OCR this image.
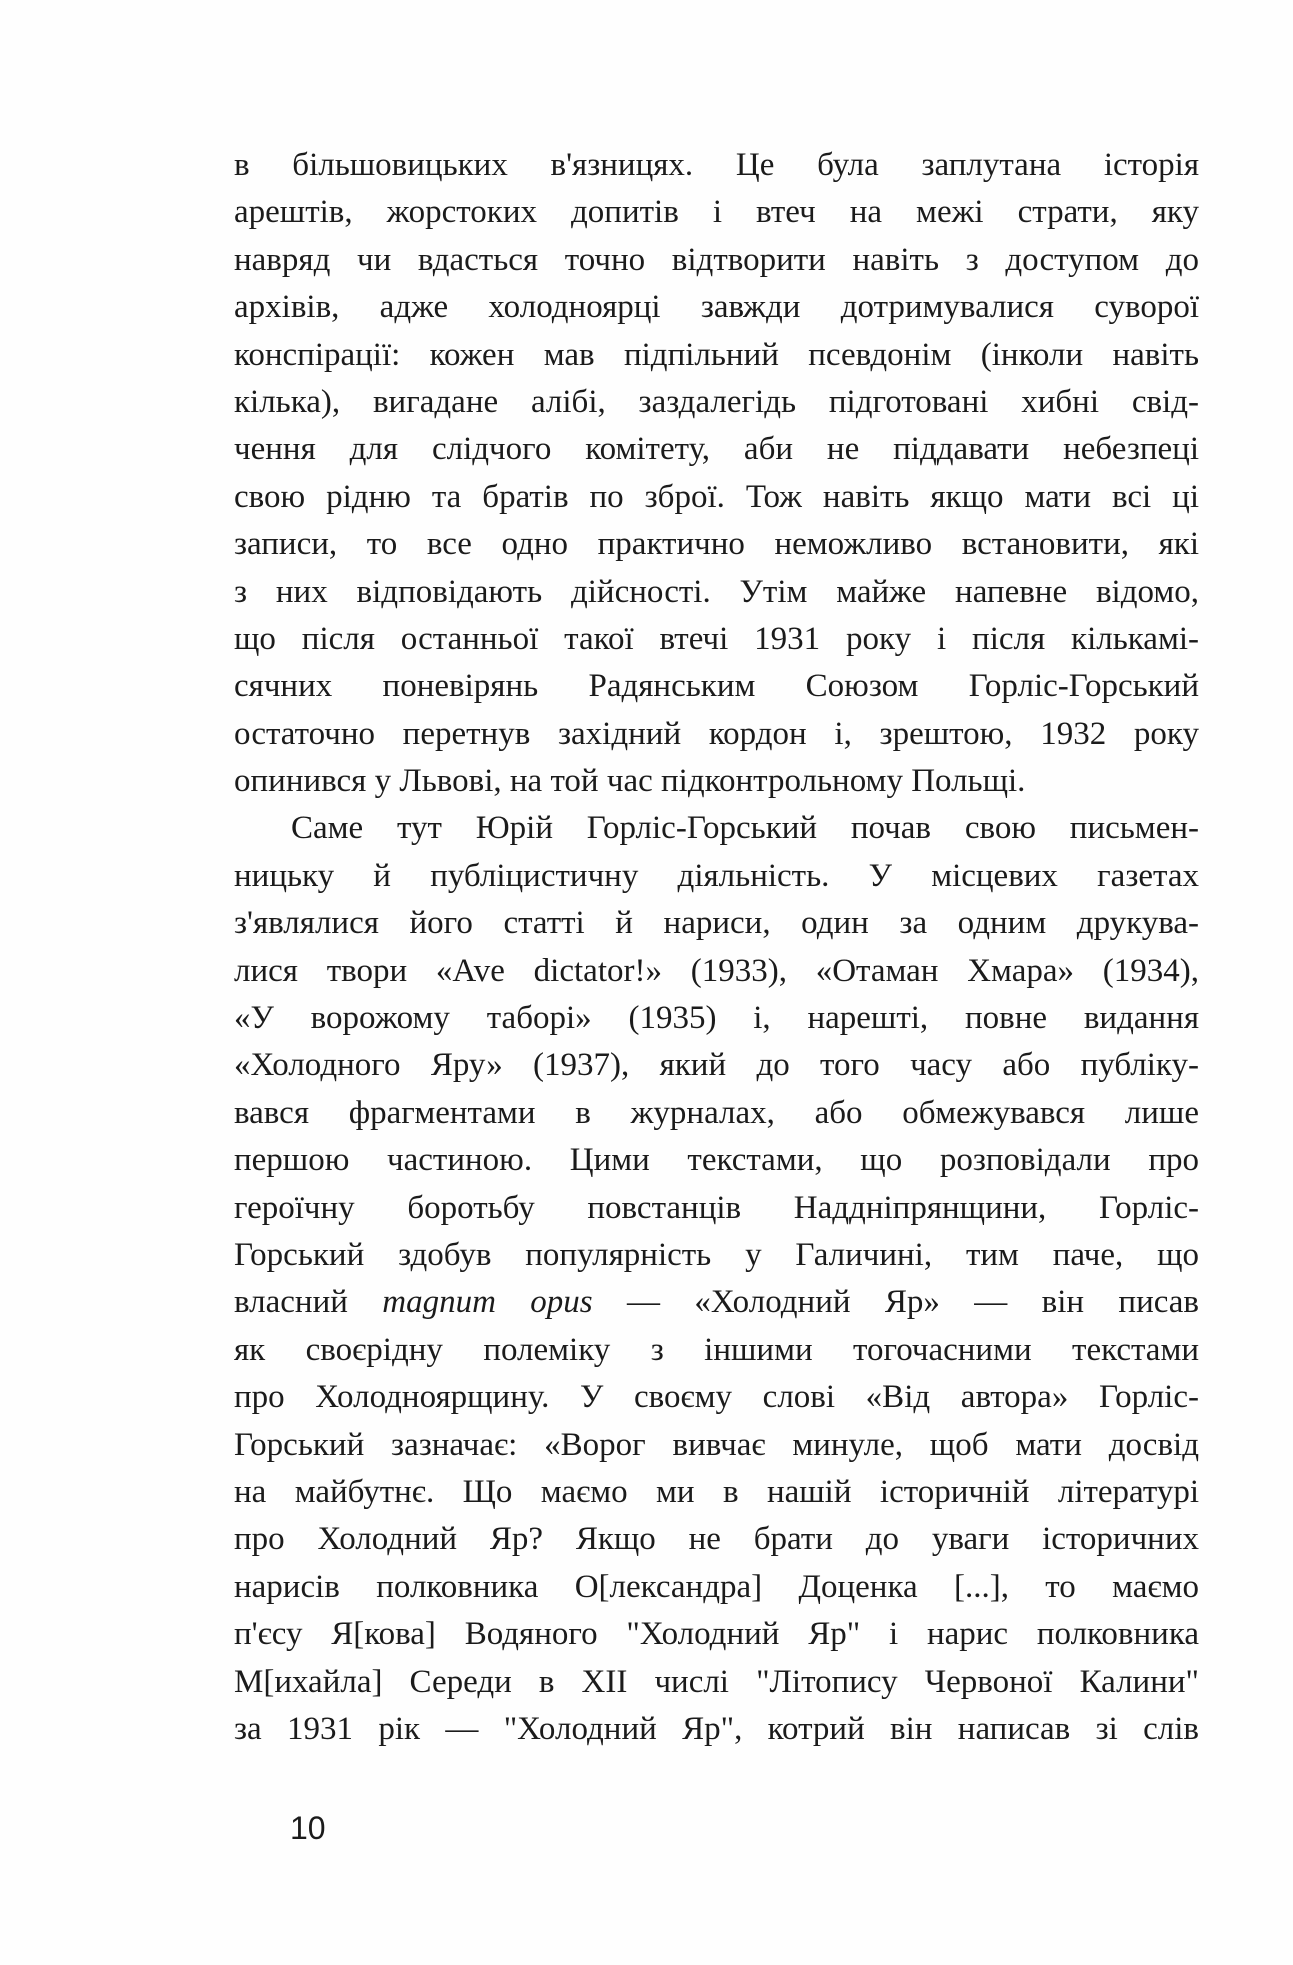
в більшовицьких в'язницях. Це була заплутана історія
арештів, жорстоких допитів і втеч на межі страти, яку
навряд чи вдасться точно відтворити навіть з доступом до
архівів, адже холодноярці завжди дотримувалися суворої
конспірації: кожен мав підпільний псевдонім (інколи навіть
кілька), вигадане алібі, заздалегідь підготовані хибні свід-
чення для слідчого комітету, аби не піддавати небезпеці
свою рідню та братів по зброї. Тож навіть якщо мати всі ці
записи, то все одно практично неможливо встановити, які
з них відповідають дійсності. Утім майже напевне відомо,
що після останньої такої втечі 1931 року і після кількамі-
сячних поневірянь Радянським Союзом Горліс-Горський
остаточно перетнув західний кордон і, зрештою, 1932 року
опинився у Львові, на той час підконтрольному Польщі.
Саме тут Юрій Горліс-Горський почав свою письмен-
ницьку й публіцистичну діяльність. У місцевих газетах
з'являлися його статті й нариси, один за одним друкува-
лися твори «Ave dictator!» (1933), «Отаман Хмара» (1934),
«У ворожому таборі» (1935) і, нарешті, повне видання
«Холодного Яру» (1937), який до того часу або публіку-
вався фрагментами в журналах, або обмежувався лише
першою частиною. Цими текстами, що розповідали про
героїчну боротьбу повстанців Наддніпрянщини, Горліс-
Горський здобув популярність у Галичині, тим паче, що
власний magnum opus — «Холодний Яр» — він писав
як своєрідну полеміку з іншими тогочасними текстами
про Холодноярщину. У своєму слові «Від автора» Горліс-
Горський зазначає: «Ворог вивчає минуле, щоб мати досвід
на майбутнє. Що маємо ми в нашій історичній літературі
про Холодний Яр? Якщо не брати до уваги історичних
нарисів полковника О[лександра] Доценка [...], то маємо
п'єсу Я[кова] Водяного "Холодний Яр" і нарис полковника
М[ихайла] Середи в XII числі "Літопису Червоної Калини"
за 1931 рік — "Холодний Яр", котрий він написав зі слів
10
